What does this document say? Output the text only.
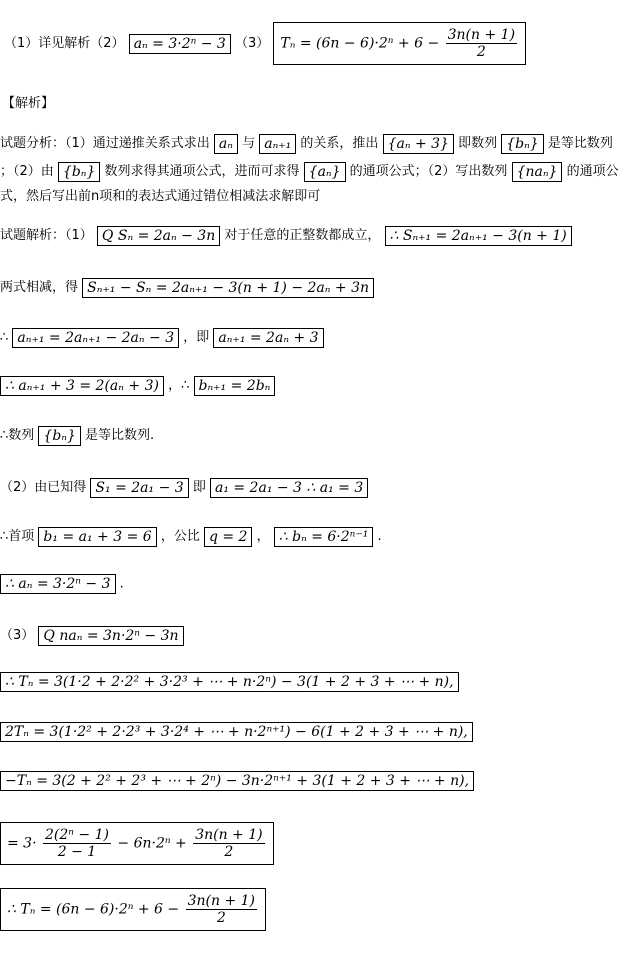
（1）详见解析（2） aₙ = 3·2ⁿ − 3 （3） $T_n = (6n - 6)\cdot 2^n + 6 - \frac{3n(n + 1)}{2}$
【解析】
试题分析：（1）通过递推关系式求出 aₙ 与 aₙ₊₁ 的关系，推出 {aₙ + 3} 即数列 {bₙ} 是等比数列
；（2）由 {bₙ} 数列求得其通项公式，进而可求得 {aₙ} 的通项公式；（2）写出数列 {naₙ} 的通项公
式，然后写出前n项和的表达式通过错位相减法求解即可
试题解析：（1） Q Sₙ = 2aₙ − 3n 对于任意的正整数都成立， ∴ Sₙ₊₁ = 2aₙ₊₁ − 3(n + 1)
两式相减，得 Sₙ₊₁ − Sₙ = 2aₙ₊₁ − 3(n + 1) − 2aₙ + 3n
∴ aₙ₊₁ = 2aₙ₊₁ − 2aₙ − 3 ，即 aₙ₊₁ = 2aₙ + 3
∴ aₙ₊₁ + 3 = 2(aₙ + 3) ，∴ bₙ₊₁ = 2bₙ
∴数列 {bₙ} 是等比数列.
（2）由已知得 S₁ = 2a₁ − 3 即 a₁ = 2a₁ − 3 ∴ a₁ = 3
∴首项 b₁ = a₁ + 3 = 6 ，公比 q = 2 ， ∴ bₙ = 6·2ⁿ⁻¹ .
∴ aₙ = 3·2ⁿ − 3 .
（3） Q naₙ = 3n·2ⁿ − 3n
∴ Tₙ = 3(1·2 + 2·2² + 3·2³ + ⋯ + n·2ⁿ) − 3(1 + 2 + 3 + ⋯ + n),
2Tₙ = 3(1·2² + 2·2³ + 3·2⁴ + ⋯ + n·2ⁿ⁺¹) − 6(1 + 2 + 3 + ⋯ + n),
−Tₙ = 3(2 + 2² + 2³ + ⋯ + 2ⁿ) − 3n·2ⁿ⁺¹ + 3(1 + 2 + 3 + ⋯ + n),
= $3\cdot \frac{\text{2(2ⁿ − 1)}}{2 - 1} - 6n\cdot 2^n + \frac{3n(n + 1)}{2}$
∴ $T_n = (6n - 6)\cdot 2^n + 6 - \frac{3n(n + 1)}{2}$
